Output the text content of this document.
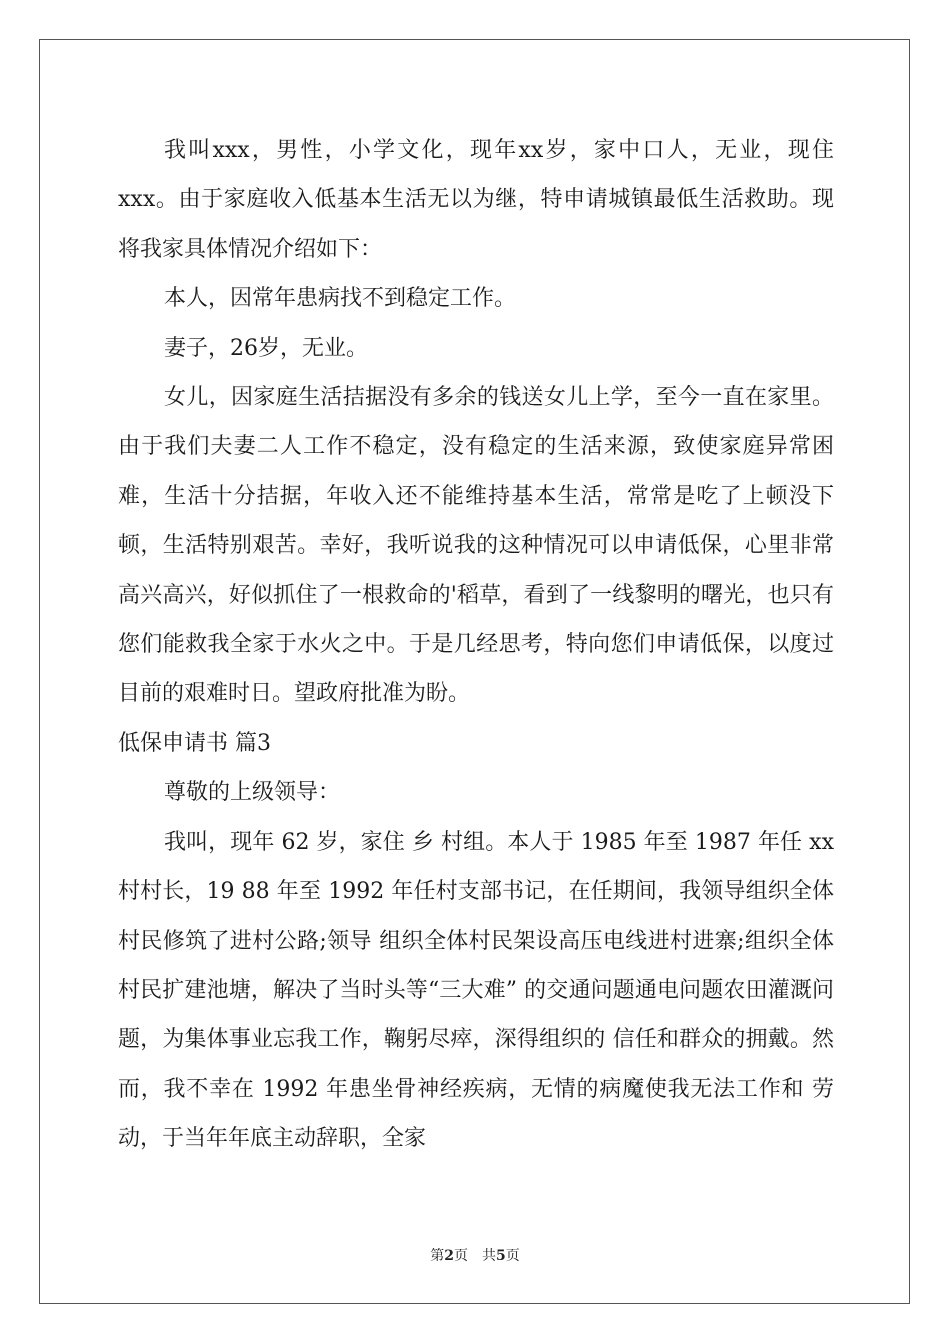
我叫xxx，男性，小学文化，现年xx岁，家中口人，无业，现住xxx。由于家庭收入低基本生活无以为继，特申请城镇最低生活救助。现将我家具体情况介绍如下：

本人，因常年患病找不到稳定工作。

妻子，26岁，无业。

女儿，因家庭生活拮据没有多余的钱送女儿上学，至今一直在家里。由于我们夫妻二人工作不稳定，没有稳定的生活来源，致使家庭异常困难，生活十分拮据，年收入还不能维持基本生活，常常是吃了上顿没下顿，生活特别艰苦。幸好，我听说我的这种情况可以申请低保，心里非常高兴高兴，好似抓住了一根救命的'稻草，看到了一线黎明的曙光，也只有您们能救我全家于水火之中。于是几经思考，特向您们申请低保，以度过目前的艰难时日。望政府批准为盼。

低保申请书 篇3

尊敬的上级领导：

我叫，现年 62 岁，家住 乡 村组。本人于 1985 年至 1987 年任 xx 村村长，19 88 年至 1992 年任村支部书记，在任期间，我领导组织全体村民修筑了进村公路;领导 组织全体村民架设高压电线进村进寨;组织全体村民扩建池塘，解决了当时头等“三大难” 的交通问题通电问题农田灌溉问题，为集体事业忘我工作，鞠躬尽瘁，深得组织的 信任和群众的拥戴。然而，我不幸在 1992 年患坐骨神经疾病，无情的病魔使我无法工作和 劳动，于当年年底主动辞职，全家

第2页 共5页
